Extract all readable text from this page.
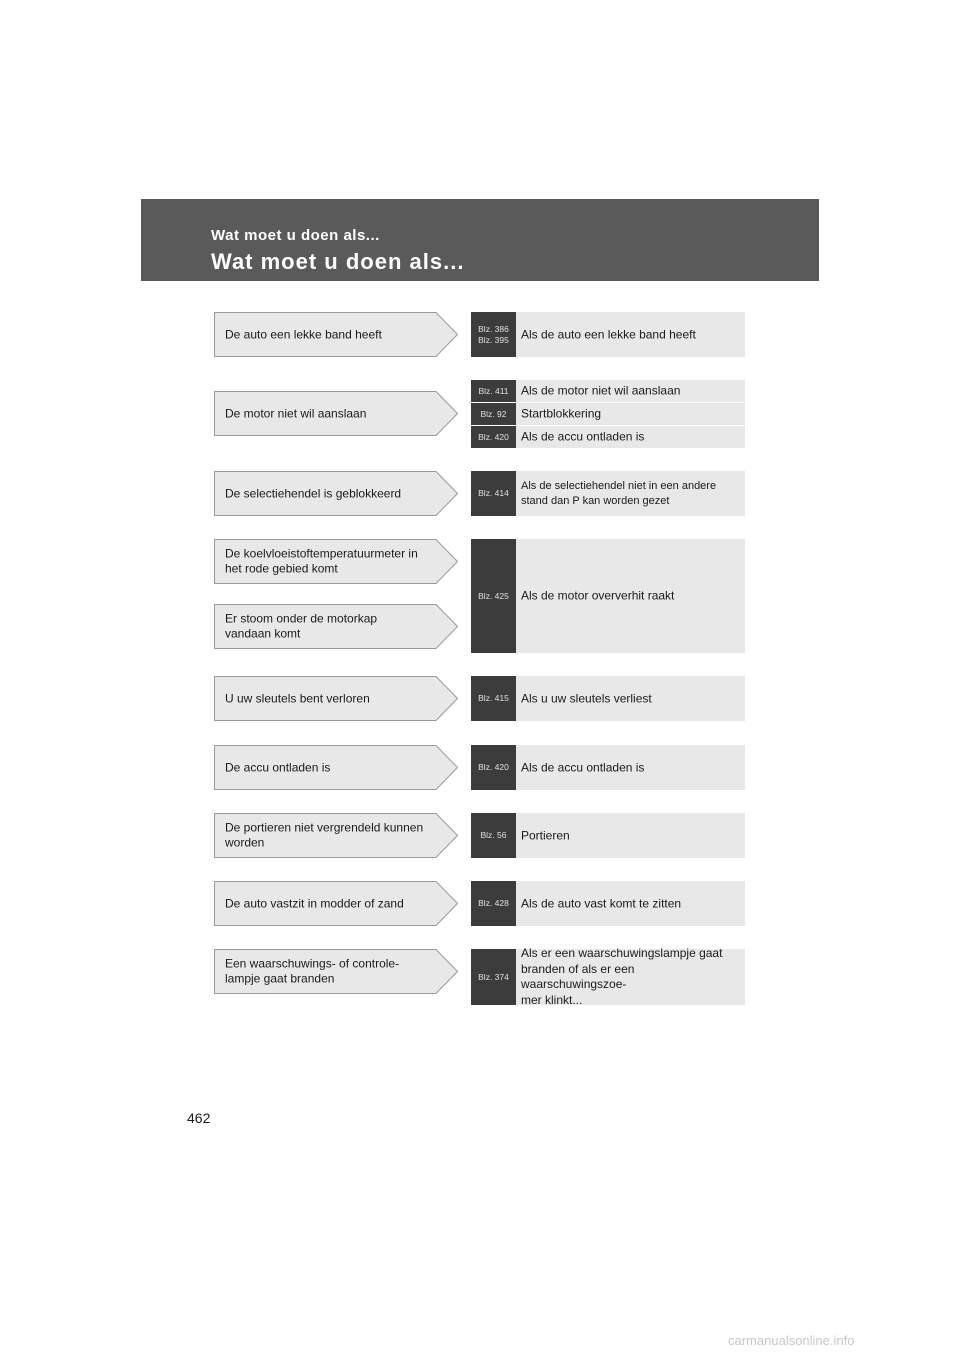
Wat moet u doen als...
Wat moet u doen als...
De auto een lekke band heeft
De motor niet wil aanslaan
De selectiehendel is geblokkeerd
De koelvloeistoftemperatuurmeter in
het rode gebied komt
Er stoom onder de motorkap
vandaan komt
U uw sleutels bent verloren
De accu ontladen is
De portieren niet vergrendeld kunnen
worden
De auto vastzit in modder of zand
Een waarschuwings- of controle-
lampje gaat branden
Blz. 386
Blz. 395 Als de auto een lekke band heeft
Blz. 411 Als de motor niet wil aanslaan
Blz. 92 Startblokkering
Blz. 420 Als de accu ontladen is
Blz. 414
Als de selectiehendel niet in een andere
stand dan P kan worden gezet
Blz. 425 Als de motor oververhit raakt
Blz. 415 Als u uw sleutels verliest
Blz. 420 Als de accu ontladen is
Blz. 56 Portieren
Blz. 428 Als de auto vast komt te zitten
Blz. 374
Als er een waarschuwingslampje gaat
branden of als er een waarschuwingszoe-
mer klinkt...
462
carmanualsonline.info
